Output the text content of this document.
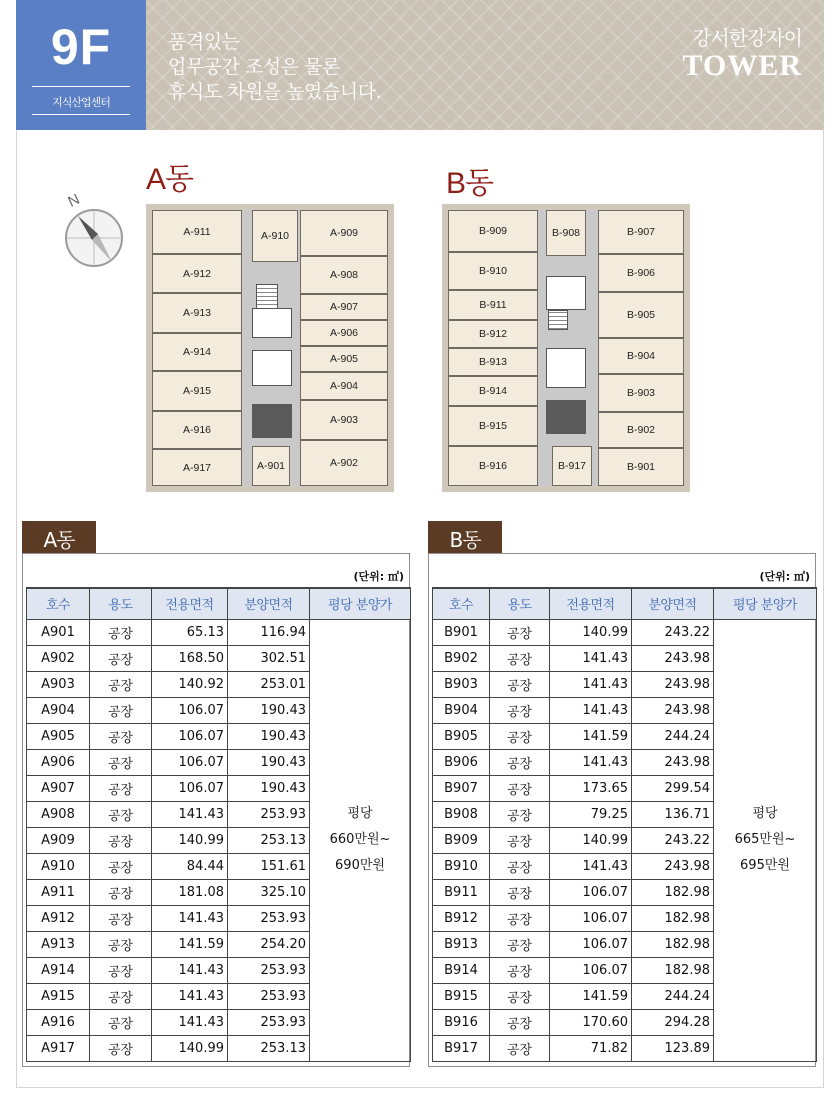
9F
지식산업센터
품격있는
업무공간 조성은 물론
휴식도 차원을 높였습니다.
강서한강자이
TOWER
A동	B동
N
A-911	A-910	A-909
A-912	A-908
A-913	A-907
A-906
A-914
A-905
A-915	A-904
A-916
A-903
A-917	A-901	A-902
B-909	B-908	B-907
B-910	B-906
B-911
B-905
B-912
B-913	B-904
B-914	B-903
B-915	B-902
B-916	B-917	B-901
A동	B동
(단위: ㎡)	(단위: ㎡)
호수	용도	전용면적	분양면적	평당 분양가
A901	공장	65.13	116.94	평당
660만원~
690만원

A902	공장	168.50	302.51	
A903	공장	140.92	253.01	
A904	공장	106.07	190.43	
A905	공장	106.07	190.43	
A906	공장	106.07	190.43	
A907	공장	106.07	190.43	
A908	공장	141.43	253.93	
A909	공장	140.99	253.13	
A910	공장	84.44	151.61	
A911	공장	181.08	325.10	
A912	공장	141.43	253.93	
A913	공장	141.59	254.20	
A914	공장	141.43	253.93	
A915	공장	141.43	253.93	
A916	공장	141.43	253.93	
A917	공장	140.99	253.13	
호수	용도	전용면적	분양면적	평당 분양가
B901	공장	140.99	243.22	평당
665만원~
695만원

B902	공장	141.43	243.98	
B903	공장	141.43	243.98	
B904	공장	141.43	243.98	
B905	공장	141.59	244.24	
B906	공장	141.43	243.98	
B907	공장	173.65	299.54	
B908	공장	79.25	136.71	
B909	공장	140.99	243.22	
B910	공장	141.43	243.98	
B911	공장	106.07	182.98	
B912	공장	106.07	182.98	
B913	공장	106.07	182.98	
B914	공장	106.07	182.98	
B915	공장	141.59	244.24	
B916	공장	170.60	294.28	
B917	공장	71.82	123.89	
